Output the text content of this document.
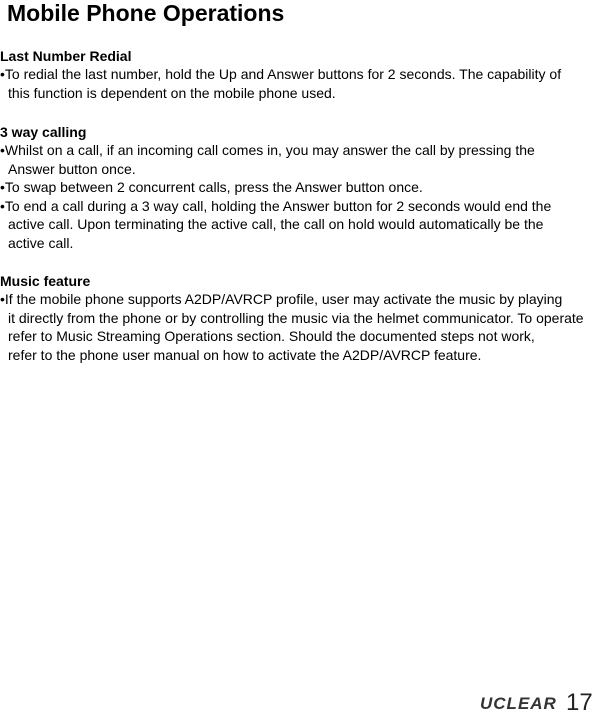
Mobile Phone Operations
Last Number Redial
•To redial the last number, hold the Up and Answer buttons for 2 seconds. The capability of
this function is dependent on the mobile phone used.
3 way calling
•Whilst on a call, if an incoming call comes in, you may answer the call by pressing the
Answer button once.
•To swap between 2 concurrent calls, press the Answer button once.
•To end a call during a 3 way call, holding the Answer button for 2 seconds would end the
active call. Upon terminating the active call, the call on hold would automatically be the
active call.
Music feature
•If the mobile phone supports A2DP/AVRCP profile, user may activate the music by playing
it directly from the phone or by controlling the music via the helmet communicator. To operate
refer to Music Streaming Operations section. Should the documented steps not work,
refer to the phone user manual on how to activate the A2DP/AVRCP feature.
UCLEAR 17
